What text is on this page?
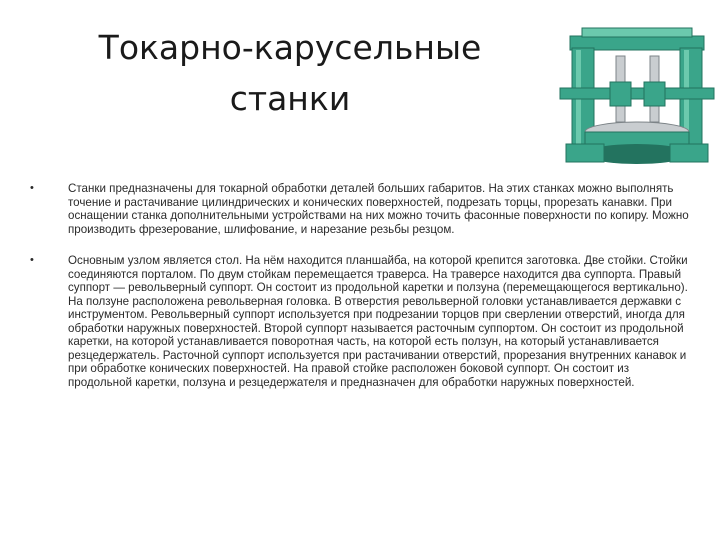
Токарно-карусельные
станки
•	Станки предназначены для токарной обработки деталей больших габаритов. На этих станках можно выполнять точение и растачивание цилиндрических и конических поверхностей, подрезать торцы, прорезать канавки. При оснащении станка дополнительными устройствами на них можно точить фасонные поверхности по копиру. Можно производить фрезерование, шлифование, и нарезание резьбы резцом.
•	Основным узлом является стол. На нём находится планшайба, на которой крепится заготовка. Две стойки. Стойки соединяются порталом. По двум стойкам перемещается траверса. На траверсе находится два суппорта. Правый суппорт — револьверный суппорт. Он состоит из продольной каретки и ползуна (перемещающегося вертикально). На ползуне расположена револьверная головка. В отверстия револьверной головки устанавливается державки с инструментом. Револьверный суппорт используется при подрезании торцов при сверлении отверстий, иногда для обработки наружных поверхностей. Второй суппорт называется расточным суппортом. Он состоит из продольной каретки, на которой устанавливается поворотная часть, на которой есть ползун, на который устанавливается резцедержатель. Расточной суппорт используется при растачивании отверстий, прорезания внутренних канавок и при обработке конических поверхностей. На правой стойке расположен боковой суппорт. Он состоит из продольной каретки, ползуна и резцедержателя и предназначен для обработки наружных поверхностей.
